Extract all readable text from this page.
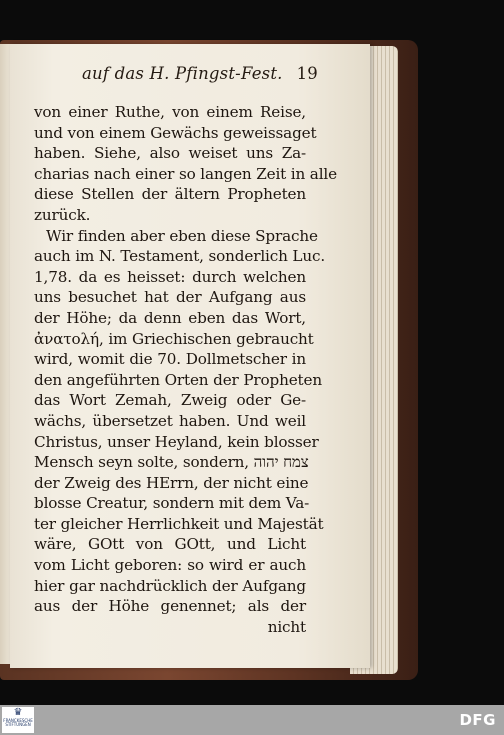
auf das H. Pfingst-Fest. 19
von einer Ruthe, von einem Reise,
und von einem Gewächs geweissaget
haben. Siehe, also weiset uns Za-
charias nach einer so langen Zeit in alle
diese Stellen der ältern Propheten
zurück.
Wir finden aber eben diese Sprache
auch im N. Testament, sonderlich Luc.
1,78. da es heisset: durch welchen
uns besuchet hat der Aufgang aus
der Höhe; da denn eben das Wort,
ἀνατολή, im Griechischen gebraucht
wird, womit die 70. Dollmetscher in
den angeführten Orten der Propheten
das Wort Zemah, Zweig oder Ge-
wächs, übersetzet haben. Und weil
Christus, unser Heyland, kein blosser
Mensch seyn solte, sondern, צמח יהוה
der Zweig des HErrn, der nicht eine
blosse Creatur, sondern mit dem Va-
ter gleicher Herrlichkeit und Majestät
wäre, GOtt von GOtt, und Licht
vom Licht geboren: so wird er auch
hier gar nachdrücklich der Aufgang
aus der Höhe genennet; als der
nicht
♛
FRANCKESCHE STIFTUNGEN	DFG
